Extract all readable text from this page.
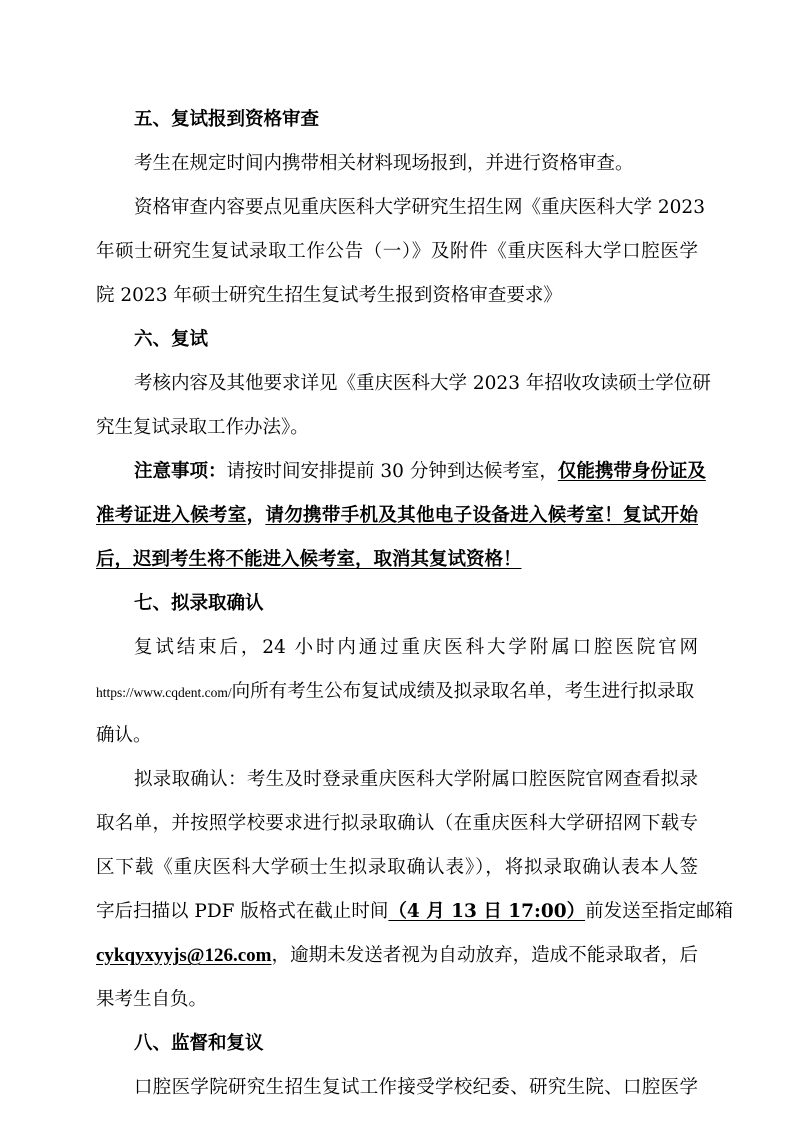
五、复试报到资格审查
考生在规定时间内携带相关材料现场报到，并进行资格审查。
资格审查内容要点见重庆医科大学研究生招生网《重庆医科大学 2023
年硕士研究生复试录取工作公告（一）》及附件《重庆医科大学口腔医学
院 2023 年硕士研究生招生复试考生报到资格审查要求》
六、复试
考核内容及其他要求详见《重庆医科大学 2023 年招收攻读硕士学位研
究生复试录取工作办法》。
注意事项：请按时间安排提前 30 分钟到达候考室，仅能携带身份证及
准考证进入候考室，请勿携带手机及其他电子设备进入候考室！复试开始
后，迟到考生将不能进入候考室，取消其复试资格！
七、拟录取确认
复试结束后，24 小时内通过重庆医科大学附属口腔医院官网
https://www.cqdent.com/向所有考生公布复试成绩及拟录取名单，考生进行拟录取
确认。
拟录取确认：考生及时登录重庆医科大学附属口腔医院官网查看拟录
取名单，并按照学校要求进行拟录取确认（在重庆医科大学研招网下载专
区下载《重庆医科大学硕士生拟录取确认表》），将拟录取确认表本人签
字后扫描以 PDF 版格式在截止时间（4 月 13 日 17:00）前发送至指定邮箱
cykqyxyyjs@126.com，逾期未发送者视为自动放弃，造成不能录取者，后
果考生自负。
八、监督和复议
口腔医学院研究生招生复试工作接受学校纪委、研究生院、口腔医学
